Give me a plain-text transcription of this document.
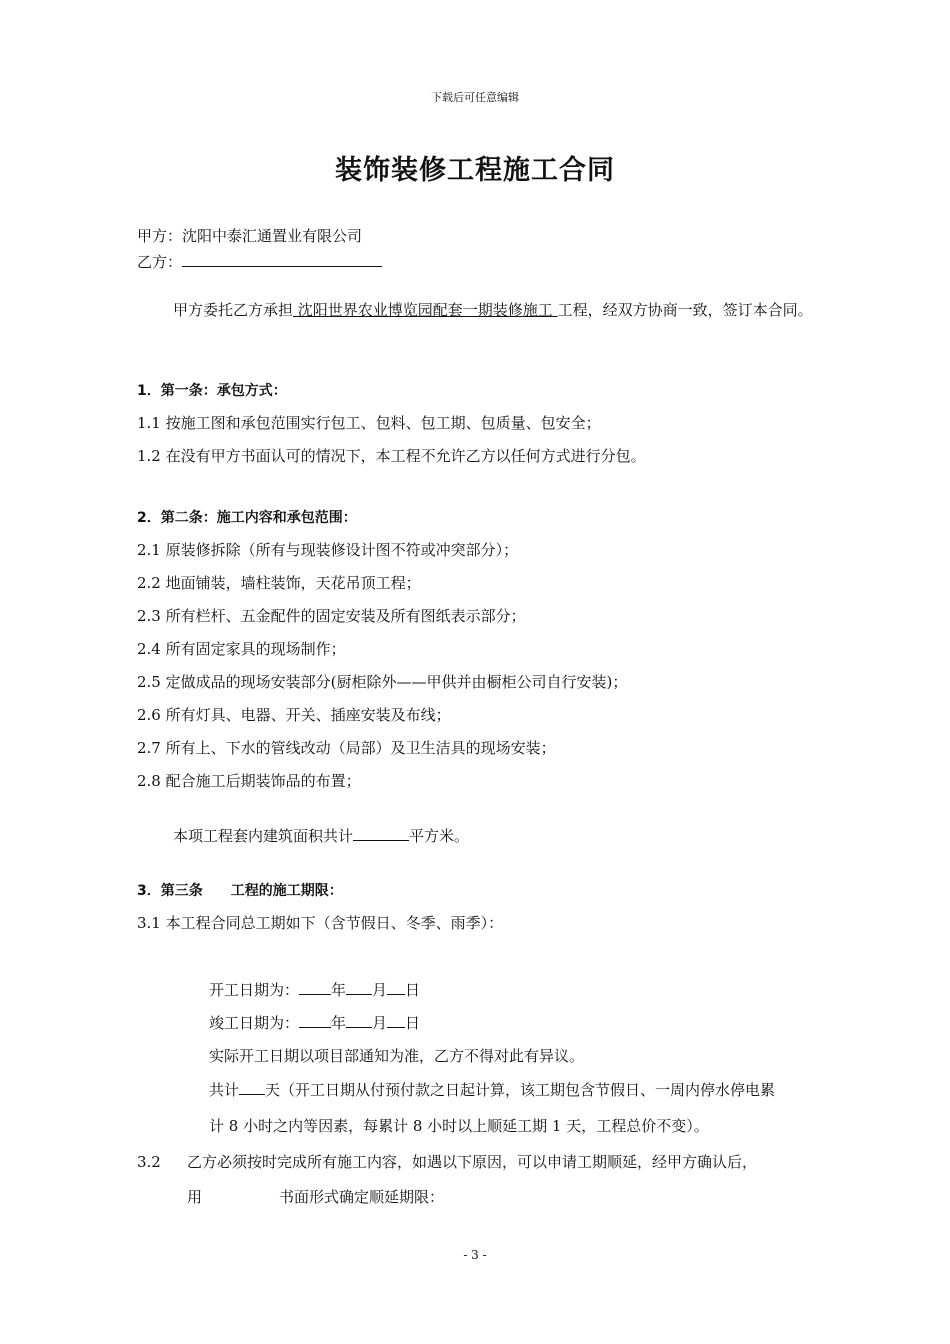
下载后可任意编辑
装饰装修工程施工合同
甲方：沈阳中泰汇通置业有限公司
乙方：
甲方委托乙方承担 沈阳世界农业博览园配套一期装修施工 工程，经双方协商一致，签订本合同。
1．第一条：承包方式：
1.1 按施工图和承包范围实行包工、包料、包工期、包质量、包安全；
1.2 在没有甲方书面认可的情况下，本工程不允许乙方以任何方式进行分包。
2．第二条：施工内容和承包范围：
2.1 原装修拆除（所有与现装修设计图不符或冲突部分）；
2.2 地面铺装，墙柱装饰，天花吊顶工程；
2.3 所有栏杆、五金配件的固定安装及所有图纸表示部分；
2.4 所有固定家具的现场制作；
2.5 定做成品的现场安装部分(厨柜除外——甲供并由橱柜公司自行安装)；
2.6 所有灯具、电器、开关、插座安装及布线；
2.7 所有上、下水的管线改动（局部）及卫生洁具的现场安装；
2.8 配合施工后期装饰品的布置；
本项工程套内建筑面积共计	平方米。
3．第三条 工程的施工期限：
3.1 本工程合同总工期如下（含节假日、冬季、雨季）：
开工日期为： 年 月 日
竣工日期为： 年 月 日
实际开工日期以项目部通知为准，乙方不得对此有异议。
共计 天（开工日期从付预付款之日起计算，该工期包含节假日、一周内停水停电累
计 8 小时之内等因素，每累计 8 小时以上顺延工期 1 天，工程总价不变）。
3.2 乙方必须按时完成所有施工内容，如遇以下原因，可以申请工期顺延，经甲方确认后，
用	书面形式确定顺延期限：
- 3 -
